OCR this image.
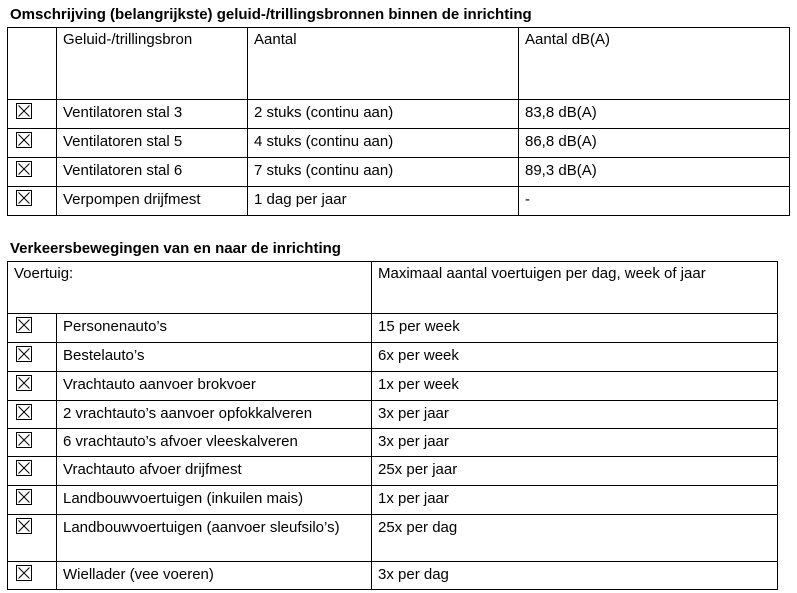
Omschrijving (belangrijkste) geluid-/trillingsbronnen binnen de inrichting
	Geluid-/trillingsbron	Aantal	Aantal dB(A)

	Ventilatoren stal 3	2 stuks (continu aan)	83,8 dB(A)

	Ventilatoren stal 5	4 stuks (continu aan)	86,8 dB(A)

	Ventilatoren stal 6	7 stuks (continu aan)	89,3 dB(A)

	Verpompen drijfmest	1 dag per jaar	-
Verkeersbewegingen van en naar de inrichting
Voertuig:		Maximaal aantal voertuigen per dag, week of jaar

	Personenauto’s	15 per week

	Bestelauto’s	6x per week

	Vrachtauto aanvoer brokvoer	1x per week

	2 vrachtauto’s aanvoer opfokkalveren	3x per jaar

	6 vrachtauto’s afvoer vleeskalveren	3x per jaar

	Vrachtauto afvoer drijfmest	25x per jaar

	Landbouwvoertuigen (inkuilen mais)	1x per jaar

	Landbouwvoertuigen (aanvoer sleufsilo’s)	25x per dag

	Wiellader (vee voeren)	3x per dag
